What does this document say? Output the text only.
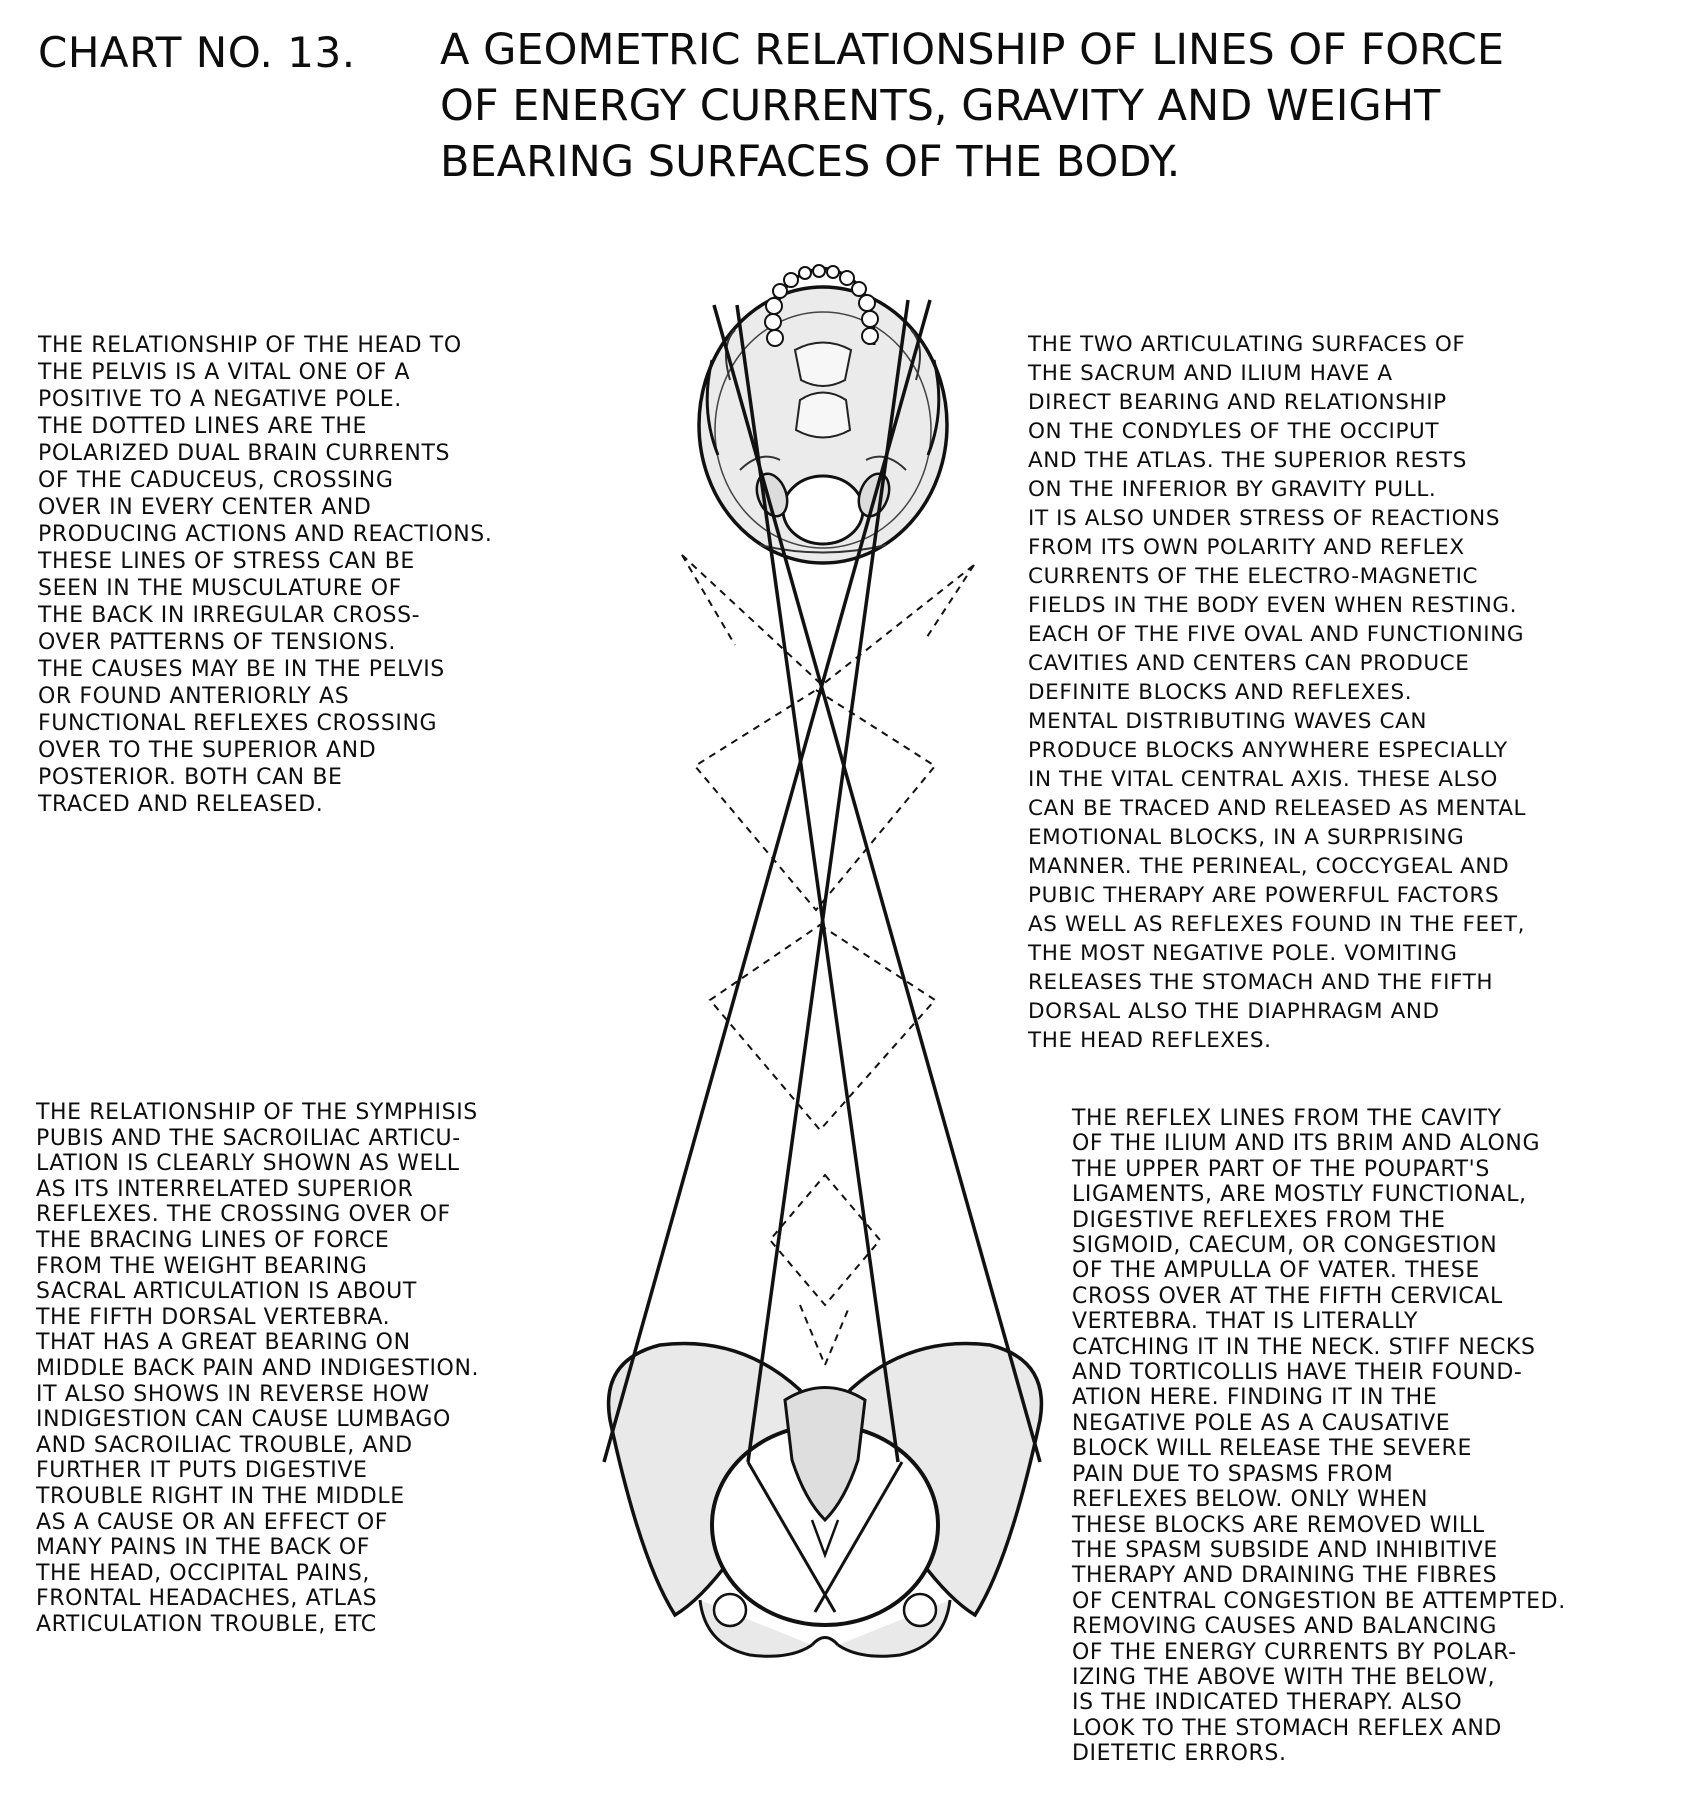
CHART NO. 13. A GEOMETRIC RELATIONSHIP OF LINES OF FORCE
OF ENERGY CURRENTS, GRAVITY AND WEIGHT
BEARING SURFACES OF THE BODY.
THE RELATIONSHIP OF THE HEAD TO
THE PELVIS IS A VITAL ONE OF A
POSITIVE TO A NEGATIVE POLE.
THE DOTTED LINES ARE THE
POLARIZED DUAL BRAIN CURRENTS
OF THE CADUCEUS, CROSSING
OVER IN EVERY CENTER AND
PRODUCING ACTIONS AND REACTIONS.
THESE LINES OF STRESS CAN BE
SEEN IN THE MUSCULATURE OF
THE BACK IN IRREGULAR CROSS-
OVER PATTERNS OF TENSIONS.
THE CAUSES MAY BE IN THE PELVIS
OR FOUND ANTERIORLY AS
FUNCTIONAL REFLEXES CROSSING
OVER TO THE SUPERIOR AND
POSTERIOR. BOTH CAN BE
TRACED AND RELEASED.
THE TWO ARTICULATING SURFACES OF
THE SACRUM AND ILIUM HAVE A
DIRECT BEARING AND RELATIONSHIP
ON THE CONDYLES OF THE OCCIPUT
AND THE ATLAS. THE SUPERIOR RESTS
ON THE INFERIOR BY GRAVITY PULL.
IT IS ALSO UNDER STRESS OF REACTIONS
FROM ITS OWN POLARITY AND REFLEX
CURRENTS OF THE ELECTRO-MAGNETIC
FIELDS IN THE BODY EVEN WHEN RESTING.
EACH OF THE FIVE OVAL AND FUNCTIONING
CAVITIES AND CENTERS CAN PRODUCE
DEFINITE BLOCKS AND REFLEXES.
MENTAL DISTRIBUTING WAVES CAN
PRODUCE BLOCKS ANYWHERE ESPECIALLY
IN THE VITAL CENTRAL AXIS. THESE ALSO
CAN BE TRACED AND RELEASED AS MENTAL
EMOTIONAL BLOCKS, IN A SURPRISING
MANNER. THE PERINEAL, COCCYGEAL AND
PUBIC THERAPY ARE POWERFUL FACTORS
AS WELL AS REFLEXES FOUND IN THE FEET,
THE MOST NEGATIVE POLE. VOMITING
RELEASES THE STOMACH AND THE FIFTH
DORSAL ALSO THE DIAPHRAGM AND
THE HEAD REFLEXES.
THE RELATIONSHIP OF THE SYMPHISIS
PUBIS AND THE SACROILIAC ARTICU-
LATION IS CLEARLY SHOWN AS WELL
AS ITS INTERRELATED SUPERIOR
REFLEXES. THE CROSSING OVER OF
THE BRACING LINES OF FORCE
FROM THE WEIGHT BEARING
SACRAL ARTICULATION IS ABOUT
THE FIFTH DORSAL VERTEBRA.
THAT HAS A GREAT BEARING ON
MIDDLE BACK PAIN AND INDIGESTION.
IT ALSO SHOWS IN REVERSE HOW
INDIGESTION CAN CAUSE LUMBAGO
AND SACROILIAC TROUBLE, AND
FURTHER IT PUTS DIGESTIVE
TROUBLE RIGHT IN THE MIDDLE
AS A CAUSE OR AN EFFECT OF
MANY PAINS IN THE BACK OF
THE HEAD, OCCIPITAL PAINS,
FRONTAL HEADACHES, ATLAS
ARTICULATION TROUBLE, ETC
THE REFLEX LINES FROM THE CAVITY
OF THE ILIUM AND ITS BRIM AND ALONG
THE UPPER PART OF THE POUPART'S
LIGAMENTS, ARE MOSTLY FUNCTIONAL,
DIGESTIVE REFLEXES FROM THE
SIGMOID, CAECUM, OR CONGESTION
OF THE AMPULLA OF VATER. THESE
CROSS OVER AT THE FIFTH CERVICAL
VERTEBRA. THAT IS LITERALLY
CATCHING IT IN THE NECK. STIFF NECKS
AND TORTICOLLIS HAVE THEIR FOUND-
ATION HERE. FINDING IT IN THE
NEGATIVE POLE AS A CAUSATIVE
BLOCK WILL RELEASE THE SEVERE
PAIN DUE TO SPASMS FROM
REFLEXES BELOW. ONLY WHEN
THESE BLOCKS ARE REMOVED WILL
THE SPASM SUBSIDE AND INHIBITIVE
THERAPY AND DRAINING THE FIBRES
OF CENTRAL CONGESTION BE ATTEMPTED.
REMOVING CAUSES AND BALANCING
OF THE ENERGY CURRENTS BY POLAR-
IZING THE ABOVE WITH THE BELOW,
IS THE INDICATED THERAPY. ALSO
LOOK TO THE STOMACH REFLEX AND
DIETETIC ERRORS.
